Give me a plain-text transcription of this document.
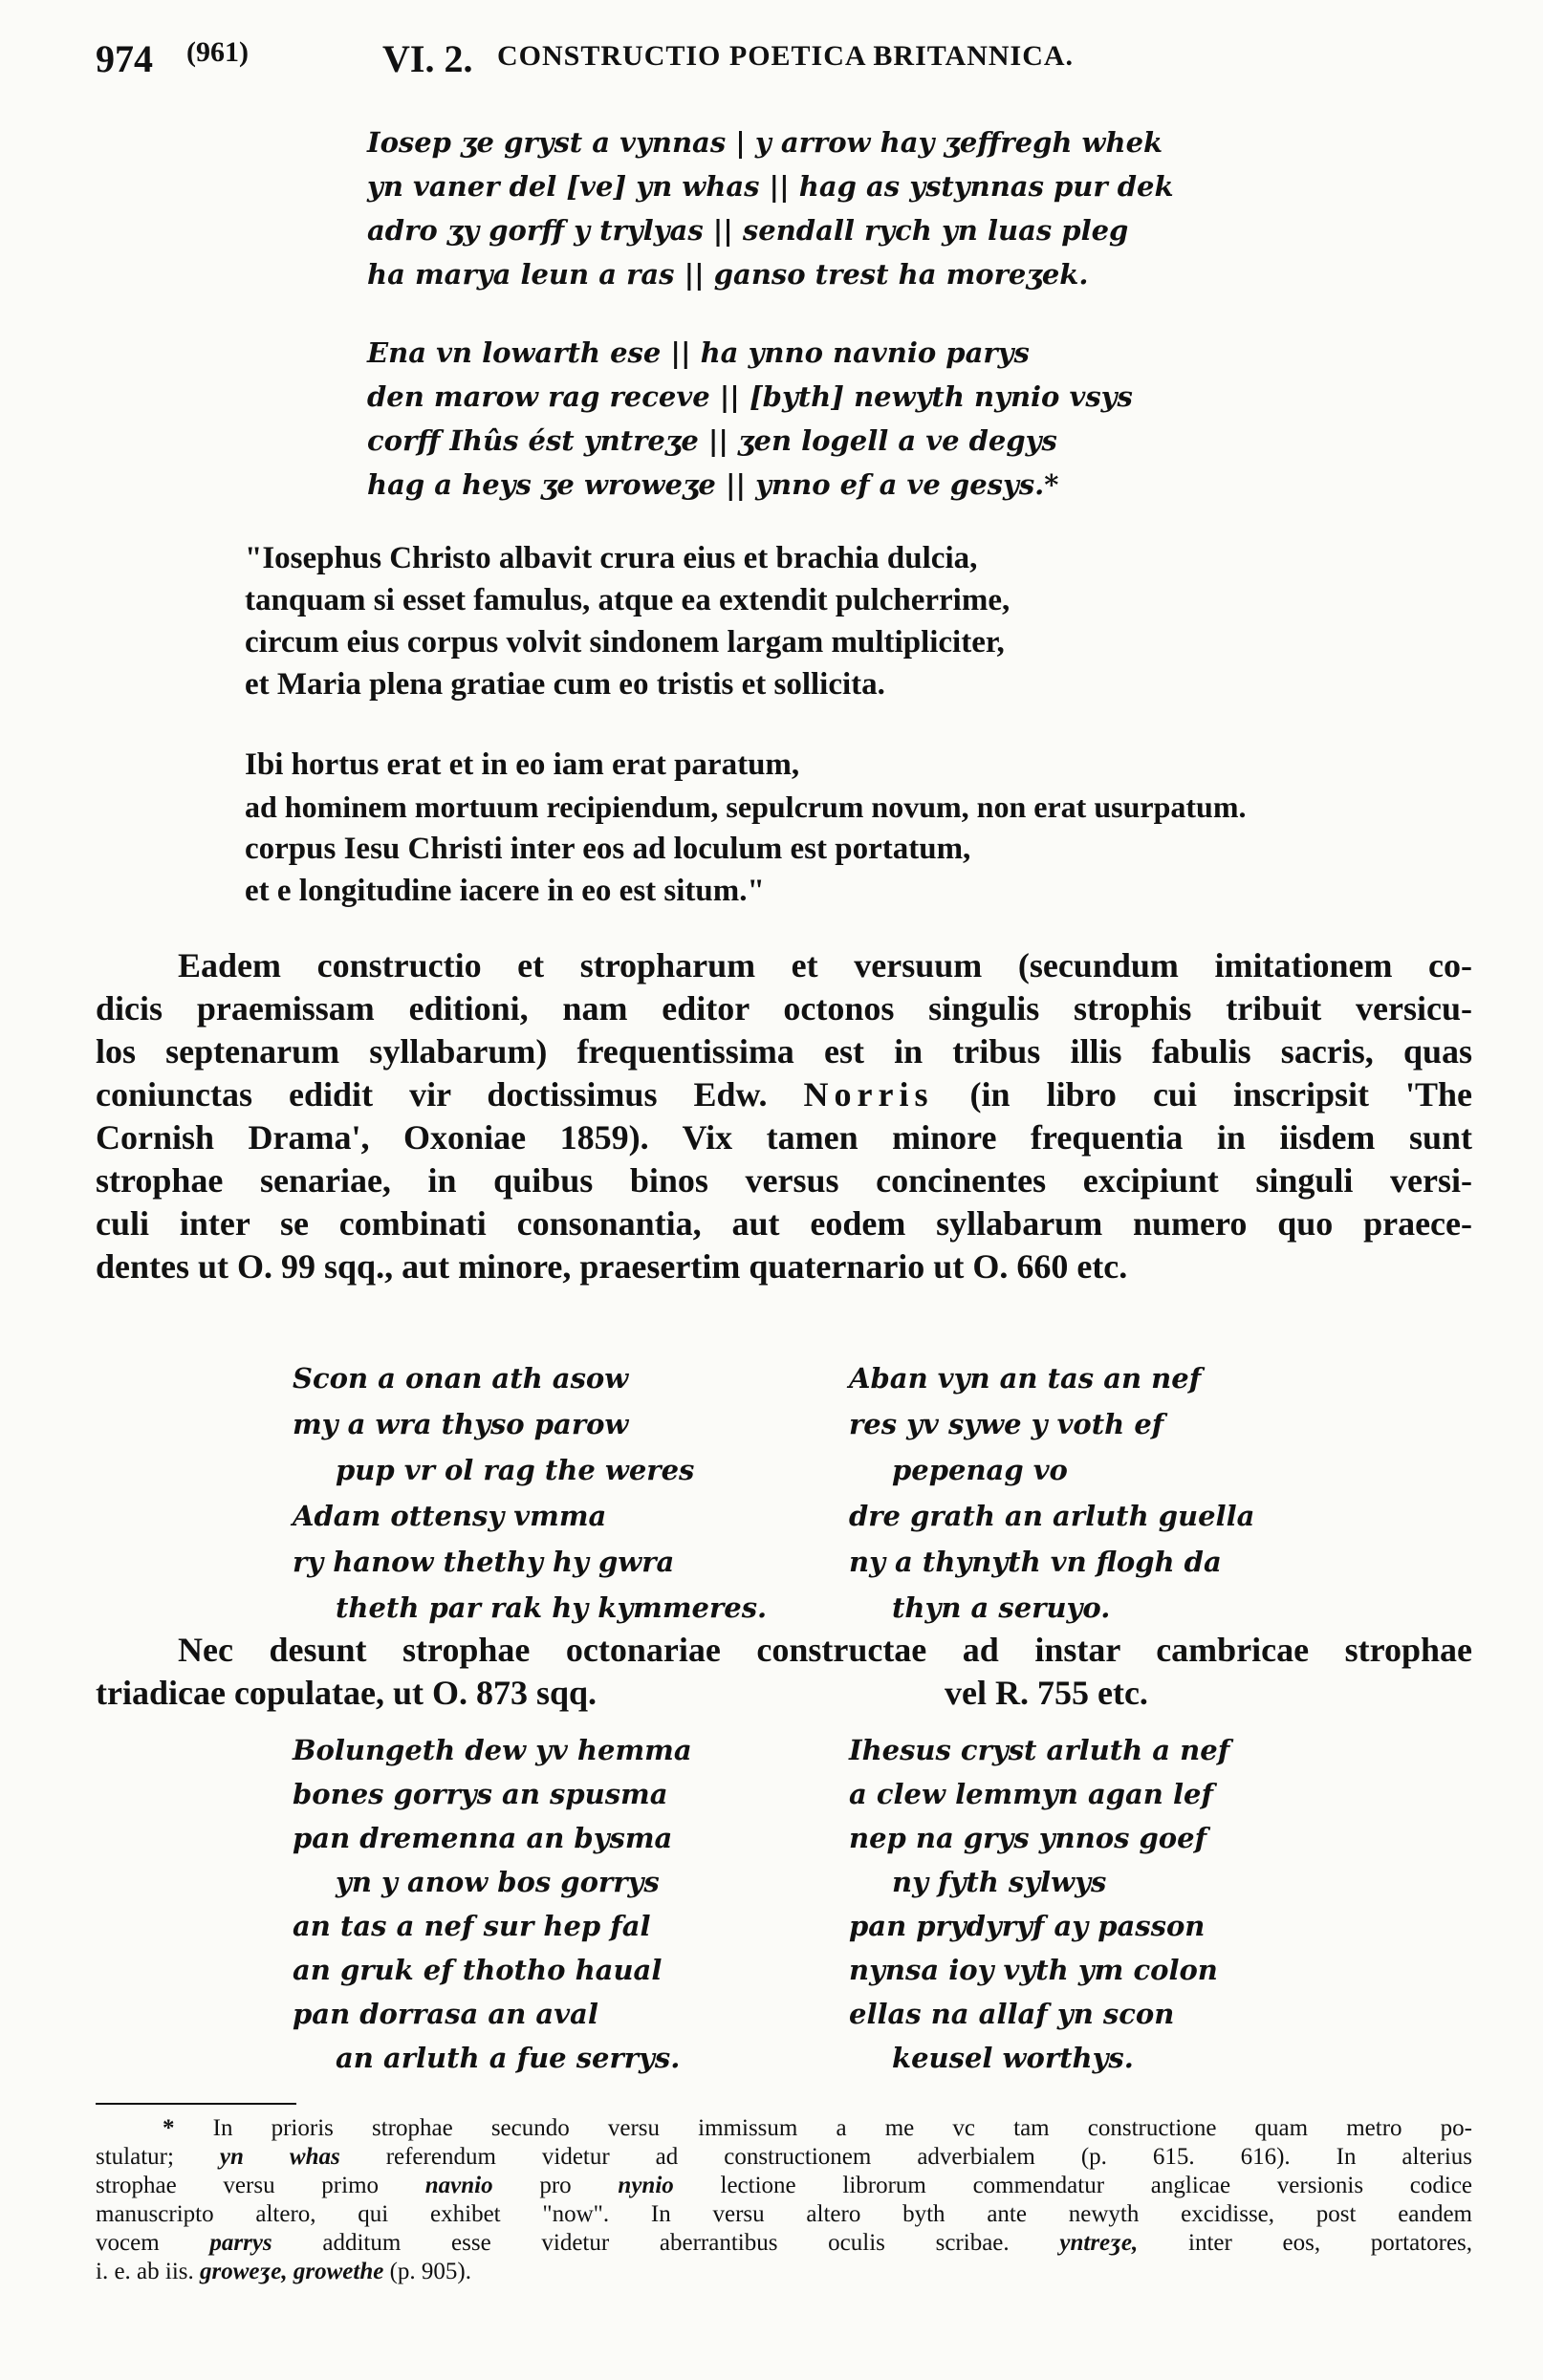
974 (961)	VI. 2. CONSTRUCTIO POETICA BRITANNICA.
Iosep ʒe gryst a vynnas | y arrow hay ʒeffregh whek
yn vaner del [ve] yn whas || hag as ystynnas pur dek
adro ʒy gorff y trylyas || sendall rych yn luas pleg
ha marya leun a ras || ganso trest ha moreʒek.
Ena vn lowarth ese || ha ynno navnio parys
den marow rag receve || [byth] newyth nynio vsys
corff Ihûs ést yntreʒe || ʒen logell a ve degys
hag a heys ʒe wroweʒe || ynno ef a ve gesys.*
"Iosephus Christo albavit crura eius et brachia dulcia,
tanquam si esset famulus, atque ea extendit pulcherrime,
circum eius corpus volvit sindonem largam multipliciter,
et Maria plena gratiae cum eo tristis et sollicita.
Ibi hortus erat et in eo iam erat paratum,
ad hominem mortuum recipiendum, sepulcrum novum, non erat usurpatum.
corpus Iesu Christi inter eos ad loculum est portatum,
et e longitudine iacere in eo est situm."
Eadem constructio et stropharum et versuum (secundum imitationem co-
dicis praemissam editioni, nam editor octonos singulis strophis tribuit versicu-
los septenarum syllabarum) frequentissima est in tribus illis fabulis sacris, quas
coniunctas edidit vir doctissimus Edw. Norris (in libro cui inscripsit 'The
Cornish Drama', Oxoniae 1859). Vix tamen minore frequentia in iisdem sunt
strophae senariae, in quibus binos versus concinentes excipiunt singuli versi-
culi inter se combinati consonantia, aut eodem syllabarum numero quo praece-
dentes ut O. 99 sqq., aut minore, praesertim quaternario ut O. 660 etc.
Scon a onan ath asow
my a wra thyso parow
pup vr ol rag the weres
Adam ottensy vmma
ry hanow thethy hy gwra
theth par rak hy kymmeres.
Aban vyn an tas an nef
res yv sywe y voth ef
pepenag vo
dre grath an arluth guella
ny a thynyth vn flogh da
thyn a seruyo.
Nec desunt strophae octonariae constructae ad instar cambricae strophae
triadicae copulatae, ut O. 873 sqq.	vel R. 755 etc.
Bolungeth dew yv hemma
bones gorrys an spusma
pan dremenna an bysma
yn y anow bos gorrys
an tas a nef sur hep fal
an gruk ef thotho haual
pan dorrasa an aval
an arluth a fue serrys.
Ihesus cryst arluth a nef
a clew lemmyn agan lef
nep na grys ynnos goef
ny fyth sylwys
pan prydyryf ay passon
nynsa ioy vyth ym colon
ellas na allaf yn scon
keusel worthys.
* In prioris strophae secundo versu immissum a me vc tam constructione quam metro po-
stulatur; yn whas referendum videtur ad constructionem adverbialem (p. 615. 616). In alterius
strophae versu primo navnio pro nynio lectione librorum commendatur anglicae versionis codice
manuscripto altero, qui exhibet "now". In versu altero byth ante newyth excidisse, post eandem
vocem parrys additum esse videtur aberrantibus oculis scribae. yntreʒe, inter eos, portatores,
i. e. ab iis. groweʒe, growethe (p. 905).
